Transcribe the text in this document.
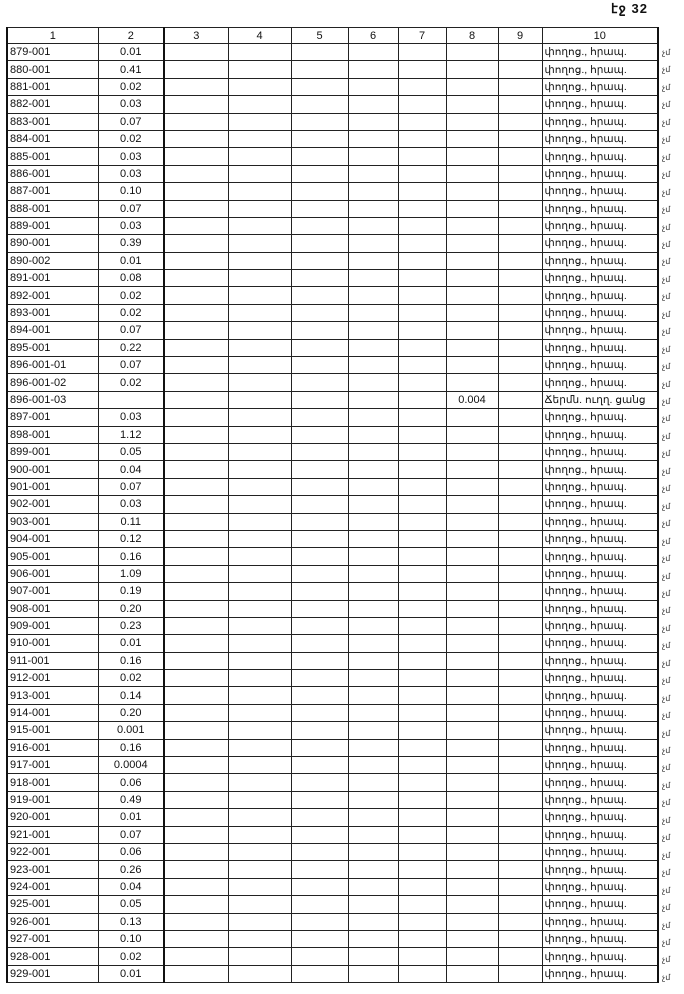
էջ 32
1	2	3	4	5	6	7	8	9	10
879-001	0.01								փողոց., հրապ.
880-001	0.41								փողոց., հրապ.
881-001	0.02								փողոց., հրապ.
882-001	0.03								փողոց., հրապ.
883-001	0.07								փողոց., հրապ.
884-001	0.02								փողոց., հրապ.
885-001	0.03								փողոց., հրապ.
886-001	0.03								փողոց., հրապ.
887-001	0.10								փողոց., հրապ.
888-001	0.07								փողոց., հրապ.
889-001	0.03								փողոց., հրապ.
890-001	0.39								փողոց., հրապ.
890-002	0.01								փողոց., հրապ.
891-001	0.08								փողոց., հրապ.
892-001	0.02								փողոց., հրապ.
893-001	0.02								փողոց., հրապ.
894-001	0.07								փողոց., հրապ.
895-001	0.22								փողոց., հրապ.
896-001-01	0.07								փողոց., հրապ.
896-001-02	0.02								փողոց., հրապ.
896-001-03							0.004		Ճերմն. ուղղ. ցանց
897-001	0.03								փողոց., հրապ.
898-001	1.12								փողոց., հրապ.
899-001	0.05								փողոց., հրապ.
900-001	0.04								փողոց., հրապ.
901-001	0.07								փողոց., հրապ.
902-001	0.03								փողոց., հրապ.
903-001	0.11								փողոց., հրապ.
904-001	0.12								փողոց., հրապ.
905-001	0.16								փողոց., հրապ.
906-001	1.09								փողոց., հրապ.
907-001	0.19								փողոց., հրապ.
908-001	0.20								փողոց., հրապ.
909-001	0.23								փողոց., հրապ.
910-001	0.01								փողոց., հրապ.
911-001	0.16								փողոց., հրապ.
912-001	0.02								փողոց., հրապ.
913-001	0.14								փողոց., հրապ.
914-001	0.20								փողոց., հրապ.
915-001	0.001								փողոց., հրապ.
916-001	0.16								փողոց., հրապ.
917-001	0.0004								փողոց., հրապ.
918-001	0.06								փողոց., հրապ.
919-001	0.49								փողոց., հրապ.
920-001	0.01								փողոց., հրապ.
921-001	0.07								փողոց., հրապ.
922-001	0.06								փողոց., հրապ.
923-001	0.26								փողոց., հրապ.
924-001	0.04								փողոց., հրապ.
925-001	0.05								փողոց., հրապ.
926-001	0.13								փողոց., հրապ.
927-001	0.10								փողոց., հրապ.
928-001	0.02								փողոց., հրապ.
929-001	0.01								փողոց., հրապ.
չմ
չմ
չմ
չմ
չմ
չմ
չմ
չմ
չմ
չմ
չմ
չմ
չմ
չմ
չմ
չմ
չմ
չմ
չմ
չմ
չմ
չմ
չմ
չմ
չմ
չմ
չմ
չմ
չմ
չմ
չմ
չմ
չմ
չմ
չմ
չմ
չմ
չմ
չմ
չմ
չմ
չմ
չմ
չմ
չմ
չմ
չմ
չմ
չմ
չմ
չմ
չմ
չմ
չմ
